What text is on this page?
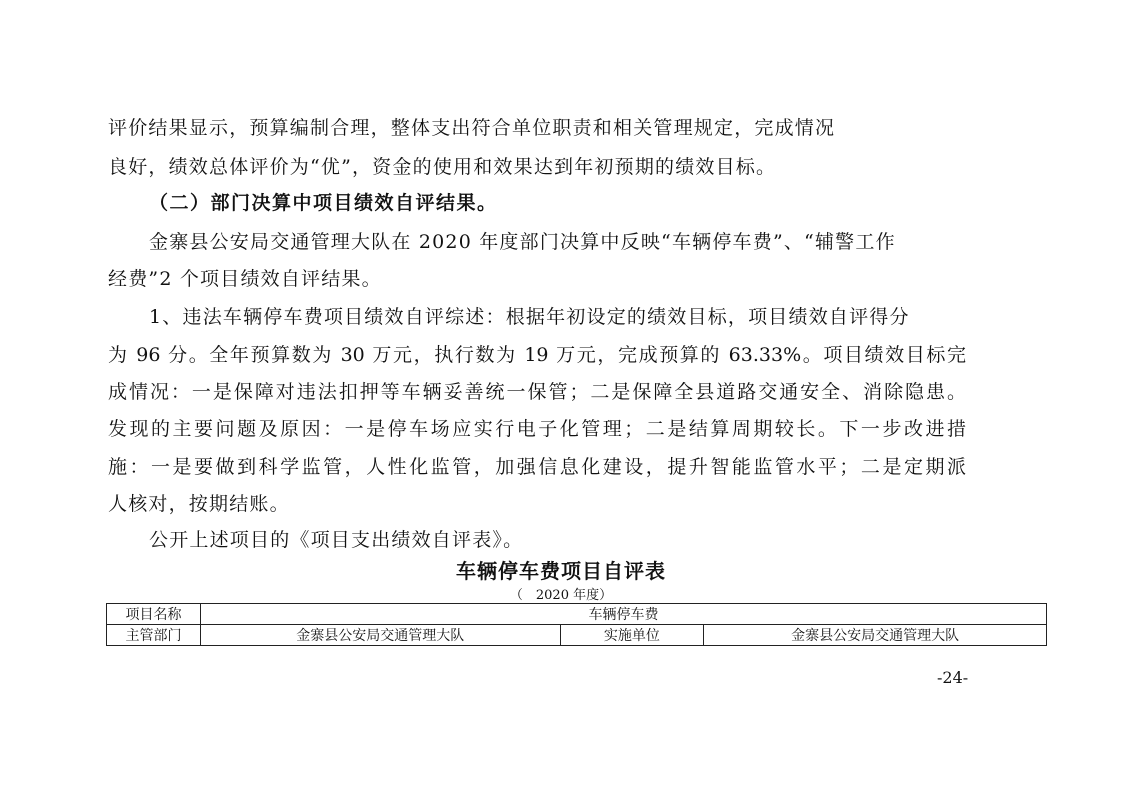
评价结果显示，预算编制合理，整体支出符合单位职责和相关管理规定，完成情况
良好，绩效总体评价为“优”，资金的使用和效果达到年初预期的绩效目标。
（二）部门决算中项目绩效自评结果。
金寨县公安局交通管理大队在 2020 年度部门决算中反映“车辆停车费”、“辅警工作
经费”2 个项目绩效自评结果。
1、违法车辆停车费项目绩效自评综述：根据年初设定的绩效目标，项目绩效自评得分
为 96 分。全年预算数为 30 万元，执行数为 19 万元，完成预算的 63.33%。项目绩效目标完
成情况：一是保障对违法扣押等车辆妥善统一保管；二是保障全县道路交通安全、消除隐患。
发现的主要问题及原因：一是停车场应实行电子化管理；二是结算周期较长。下一步改进措
施：一是要做到科学监管，人性化监管，加强信息化建设，提升智能监管水平；二是定期派
人核对，按期结账。
公开上述项目的《项目支出绩效自评表》。
车辆停车费项目自评表
（　2020 年度）
项目名称	车辆停车费		
主管部门	金寨县公安局交通管理大队	实施单位	金寨县公安局交通管理大队
-24-
